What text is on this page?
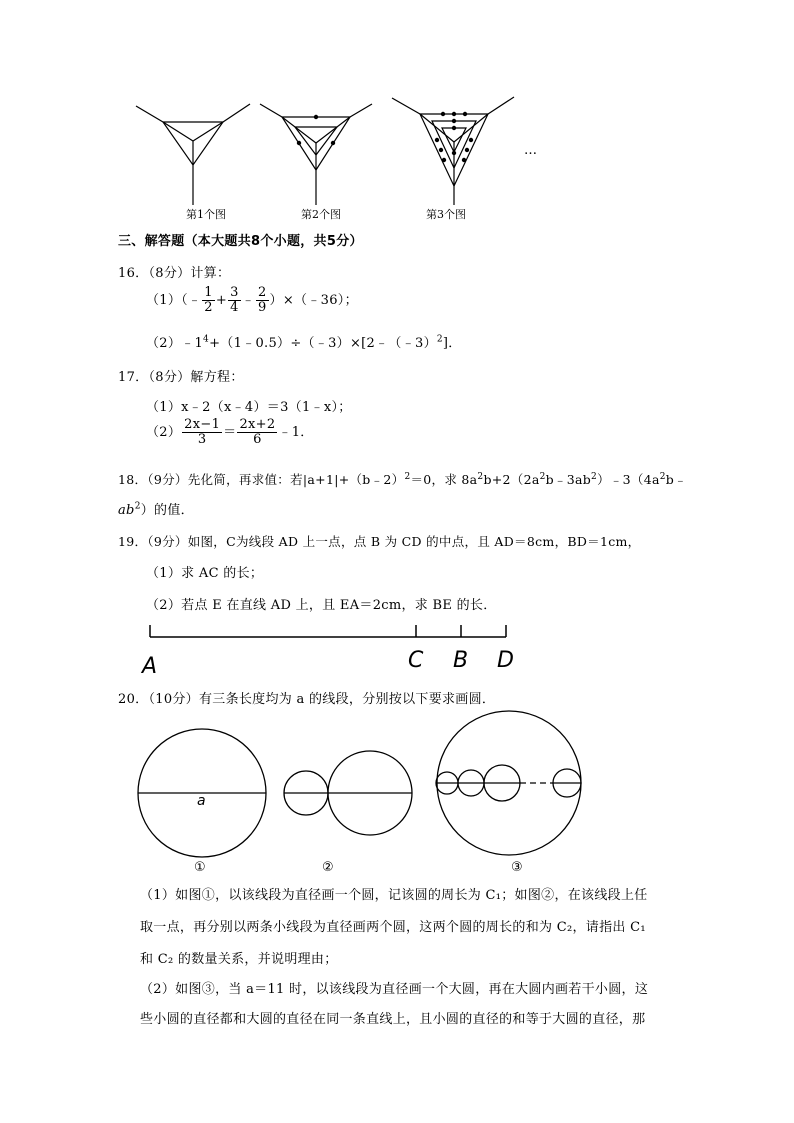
第1个图	第2个图	第3个图
…
三、解答题（本大题共8个小题，共5分）
16．（8分）计算：
（1）（﹣ $\frac{1}{2} + \frac{3}{4}$ ﹣ $\frac{2}{9}$ ）×（﹣36）；
$(2)﹣1^4+(1﹣0.5)\div(﹣3)\times[2﹣(﹣3)^2]$．
17．（8分）解方程：
（1）x﹣2（x﹣4）＝3（1﹣x）；
$(2) \frac{2x-1}{3} = \frac{2x+2}{6}$ ﹣1．
18．（9分）先化简，再求值：若|a+1|+（b﹣2）$^2$＝0，求 $8a^2b+2(2a^2b﹣3ab^2)﹣3(4a^2b﹣$
$ab^2$）的值．
19．（9分）如图，C为线段 AD 上一点，点 B 为 CD 的中点，且 AD＝8cm，BD＝1cm，
（1）求 AC 的长；
（2）若点 E 在直线 AD 上，且 EA＝2cm，求 BE 的长．
A	C B D
20．（10分）有三条长度均为 a 的线段，分别按以下要求画圆．
a
①	②	③
（1）如图①，以该线段为直径画一个圆，记该圆的周长为 C₁；如图②，在该线段上任
取一点，再分别以两条小线段为直径画两个圆，这两个圆的周长的和为 C₂，请指出 C₁
和 C₂ 的数量关系，并说明理由；
（2）如图③，当 a＝11 时，以该线段为直径画一个大圆，再在大圆内画若干小圆，这
些小圆的直径都和大圆的直径在同一条直线上，且小圆的直径的和等于大圆的直径，那
